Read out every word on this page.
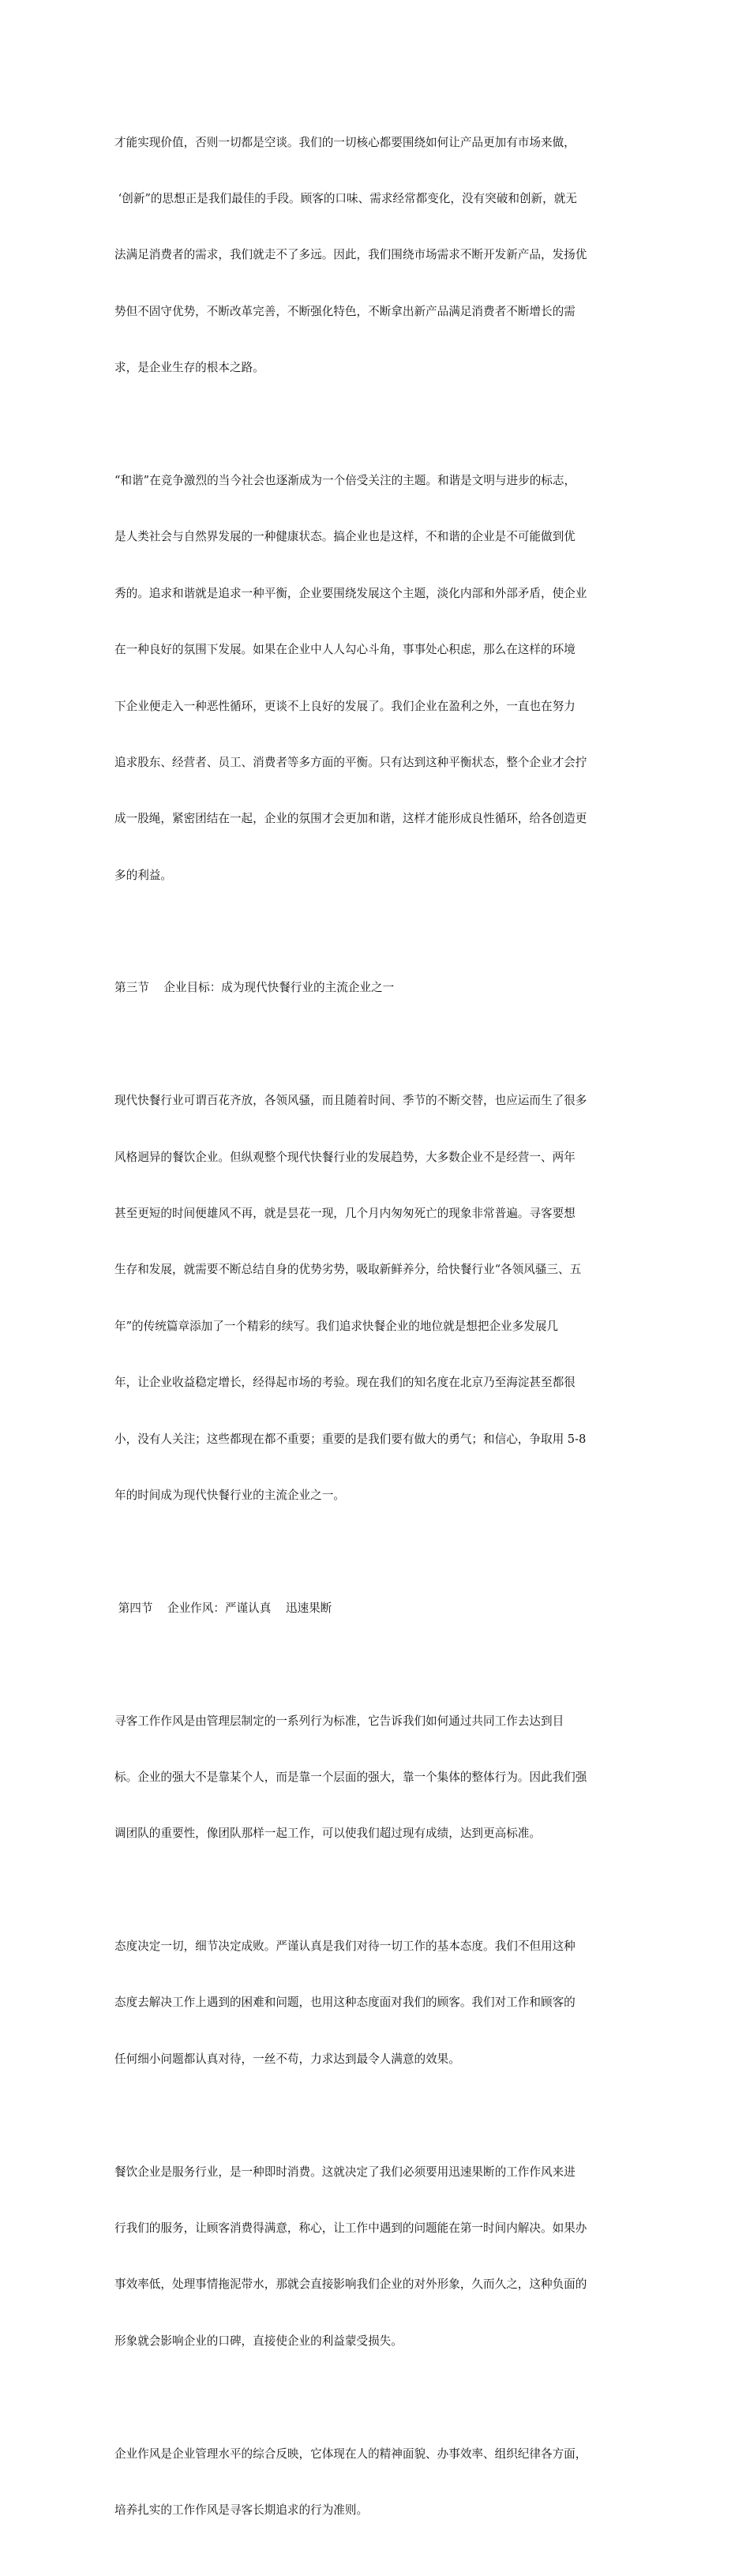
才能实现价值，否则一切都是空谈。我们的一切核心都要围绕如何让产品更加有市场来做，

‘创新”的思想正是我们最佳的手段。顾客的口味、需求经常都变化，没有突破和创新，就无

法满足消费者的需求，我们就走不了多远。因此，我们围绕市场需求不断开发新产品，发扬优

势但不固守优势，不断改革完善，不断强化特色，不断拿出新产品满足消费者不断增长的需

求，是企业生存的根本之路。

“和谐”在竞争激烈的当今社会也逐渐成为一个倍受关注的主题。和谐是文明与进步的标志，

是人类社会与自然界发展的一种健康状态。搞企业也是这样，不和谐的企业是不可能做到优

秀的。追求和谐就是追求一种平衡，企业要围绕发展这个主题，淡化内部和外部矛盾，使企业

在一种良好的氛围下发展。如果在企业中人人勾心斗角，事事处心积虑，那么在这样的环境

下企业便走入一种恶性循环，更谈不上良好的发展了。我们企业在盈利之外，一直也在努力

追求股东、经营者、员工、消费者等多方面的平衡。只有达到这种平衡状态，整个企业才会拧

成一股绳，紧密团结在一起，企业的氛围才会更加和谐，这样才能形成良性循环，给各创造更

多的利益。

第三节    企业目标：成为现代快餐行业的主流企业之一

现代快餐行业可谓百花齐放，各领风骚，而且随着时间、季节的不断交替，也应运而生了很多

风格迥异的餐饮企业。但纵观整个现代快餐行业的发展趋势，大多数企业不是经营一、两年

甚至更短的时间便雄风不再，就是昙花一现，几个月内匆匆死亡的现象非常普遍。寻客要想

生存和发展，就需要不断总结自身的优势劣势，吸取新鲜养分，给快餐行业“各领风骚三、五

年”的传统篇章添加了一个精彩的续写。我们追求快餐企业的地位就是想把企业多发展几

年，让企业收益稳定增长，经得起市场的考验。现在我们的知名度在北京乃至海淀甚至都很

小，没有人关注；这些都现在都不重要；重要的是我们要有做大的勇气；和信心，争取用 5-8

年的时间成为现代快餐行业的主流企业之一。

第四节    企业作风：严谨认真    迅速果断

寻客工作作风是由管理层制定的一系列行为标准，它告诉我们如何通过共同工作去达到目

标。企业的强大不是靠某个人，而是靠一个层面的强大，靠一个集体的整体行为。因此我们强

调团队的重要性，像团队那样一起工作，可以使我们超过现有成绩，达到更高标准。

态度决定一切，细节决定成败。严谨认真是我们对待一切工作的基本态度。我们不但用这种

态度去解决工作上遇到的困难和问题，也用这种态度面对我们的顾客。我们对工作和顾客的

任何细小问题都认真对待，一丝不苟，力求达到最令人满意的效果。

餐饮企业是服务行业，是一种即时消费。这就决定了我们必须要用迅速果断的工作作风来进

行我们的服务，让顾客消费得满意，称心，让工作中遇到的问题能在第一时间内解决。如果办

事效率低，处理事情拖泥带水，那就会直接影响我们企业的对外形象，久而久之，这种负面的

形象就会影响企业的口碑，直接使企业的利益蒙受损失。

企业作风是企业管理水平的综合反映，它体现在人的精神面貌、办事效率、组织纪律各方面，

培养扎实的工作作风是寻客长期追求的行为准则。
